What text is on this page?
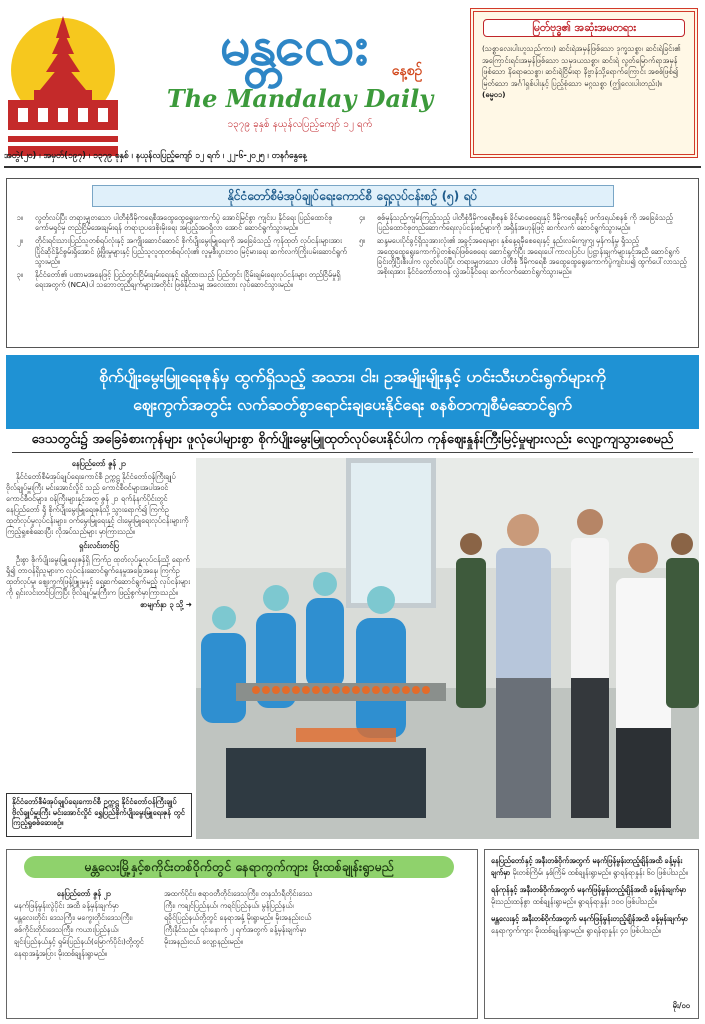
မန္တလေး	နေ့စဉ်
The Mandalay Daily
၁၃၇၉ ခုနှစ် နယုန်လပြည့်ကျော် ၁၂ ရက်
မြတ်ဗုဒ္ဓ၏ အဆုံးအမတရား
(သစ္စာလေးပါးဟူသည်ကား) ဆင်းရဲအမှန်ဖြစ်သော ဒုက္ခသစ္စာ၊ ဆင်းရဲခြင်း၏ အကြောင်းရင်းအမှန်ဖြစ်သော သမုဒယသစ္စာ၊ ဆင်းရဲ လွတ်မြောက်ရာအမှန်ဖြစ်သော နိရောဓသစ္စာ၊ ဆင်းရဲငြိမ်းရာ နိဗ္ဗာန်သို့ရောက်ကြောင်း အစစ်ဖြစ်၍ မြတ်သော အင်္ဂါရှစ်ပါးနှင့် ပြည့်စုံသော မဂ္ဂသစ္စာ (ဤလေးပါးတည်း)။ (ဓမ္မ၀၁)
အတွဲ(၂၀) ၊ အမှတ်(၁၉၇) ၊ ၁၃၇၉ ခုနှစ် ၊ နယုန်လပြည့်ကျော် ၁၂ ရက် ၊ ၂၂-၆-၂၀၂၅ ၊ တနင်္ဂနွေနေ့
နိုင်ငံတော်စီမံအုပ်ချုပ်ရေးကောင်စီ ရှေ့လုပ်ငန်းစဉ် (၅) ရပ်
၁။	လွတ်လပ်ပြီး တရားမျှတသော ပါတီစုံဒီမိုကရေစီအထွေထွေရွေးကောက်ပွဲ အောင်မြင်စွာ ကျင်းပ နိုင်ရေး ပြည်ထောင်စုကော်မရှင်မှ တည်ငြိမ်အေးချမ်းရန် တရားဥပဒေစိုးမိုးရေး အပြည့်အဝရှိလာ အောင် ဆောင်ရွက်သွားမည်။
၂။	တိုင်းရင်းသားပြည်သူတစ်ရပ်လုံးနှင့် အကျိုးဆောင်ဆောင် စိုက်ပျိုးမွေးမြူရေးကို အခြေခံသည့် ကုန်ထုတ် လုပ်ငန်းများအား ပြိုင်ဆိုင်နိုင်စွမ်းရှိအောင် ဖွံ့ဖြိုးမှုများနှင့် ပြည်သူလူထုတစ်ရပ်လုံး၏ လူမှုစီးပွားဘ၀ မြင့်မားရေး ဆက်လက်ကြိုးပမ်းဆောင်ရွက်သွားမည်။
၃။	နိုင်ငံတော်၏ ပဏာမအနေဖြင့် ပြည်တွင်းငြိမ်းချမ်းရေးနှင့် ရရှိထားသည့် ပြည်တွင်း ငြိမ်းချမ်းရေးလုပ်ငန်းများ တည်ငြိမ်မှုရှိရေးအတွက် (NCA)ပါ သဘောတူညီချက်များအတိုင်း ဖြစ်နိုင်သမျှ အလေးထား လုပ်ဆောင်သွားမည်။
၄။	စစ်မှန်သည်ကျမ်းကြည့်သည့် ပါတီစုံဒီမိုကရေစီစနစ် ခိုင်မာစေရေးနှင့် ဒီမိုကရေစီနှင့် ဖက်ဒရယ်စနစ် ကို အခြေခံသည့် ပြည်ထောင်စုတည်ဆောက်ရေးလုပ်ငန်းစဉ်များကို အရှိန်အဟုန်ဖြင့် ဆက်လက် ဆောင်ရွက်သွားမည်။
၅။	ဆန္ဒမပေးပိုင်ခွင့်ရှိသူအားလုံး၏ အခွင့်အရေးများ နှစ်နေ့ရမှီစေရေးနှင့် နည်းလမ်းကျကျ မှန်ကန်မှု ရှိသည့် အထွေထွေရွေးကောက်ပွဲတစ်ရပ်ဖြစ်စေရေး ဆောင်ရွက်ပြီး အရေးပေါ်ကာလပြင်ပ ပြဋ္ဌာန်းချက်များနှင့်အညီ ဆောင်ရွက်ခြင်းတို့ပြီးစီးပါက လွတ်လပ်ပြီး တရားမျှတသော ပါတီစုံ ဒီမိုကရေစီ အထွေထွေရွေးကောက်ပွဲကျင်းပ၍ ထွက်ပေါ်လာသည့်အစိုးရအား နိုင်ငံတော်တာဝန် လွှဲအပ်နိုင်ရေး ဆက်လက်ဆောင်ရွက်သွားမည်။
စိုက်ပျိုးမွေးမြူရေးဇုန်မှ ထွက်ရှိသည့် အသား၊ ငါး၊ ဥအမျိုးမျိုးနှင့် ဟင်းသီးဟင်းရွက်များကို
ဈေးကွက်အတွင်း လက်ဆတ်စွာရောင်းချပေးနိုင်ရေး စနစ်တကျစီမံဆောင်ရွက်
ဒေသတွင်း၌ အခြေခံစားကုန်များ ဖူလုံပေါများစွာ စိုက်ပျိုးမွေးမြူထုတ်လုပ်ပေးနိုင်ပါက ကုန်ဈေးနှုန်းကြီးမြင့်မှုများလည်း လျော့ကျသွားစေမည်

နေပြည်တော် ဇွန် ၂၁

နိုင်ငံတော်စီမံအုပ်ချုပ်ရေးကောင်စီ ဥက္ကဋ္ဌ နိုင်ငံတော်ဝန်ကြီးချုပ် ဗိုလ်ချုပ်မှူးကြီး မင်းအောင်လှိုင် သည် ကောင်စီဝင်များအပါအဝင် ကောင်စီဝင်များ၊ ဝန်ကြီးများနှင့်အတူ ဇွန် ၂၁ ရက်နံနက်ပိုင်းတွင် နေပြည်တော် ရှိ စိုက်ပျိုးမွေးမြူရေးဇုန်သို့ သွားရောက်၍ ကြက်ဥထုတ်လုပ်မှုလုပ်ငန်းများ၊ ဝက်မွေးမြူရေးနှင့် ငါးမွေးမြူရေးလုပ်ငန်းများကို ကြည့်ရှုစစ်ဆေးပြီး လိုအပ်သည်များ မှာကြားသည်။

ရှင်းလင်းတင်ပြ

ဦးစွာ စိုက်ပျိုးမွေးမြူရေးဇုန်ရှိ ကြက်ဥ ထုတ်လုပ်မှုလုပ်ငန်းသို့ ရောက်ရှိ၍ တာဝန်ရှိသူများက လုပ်ငန်းဆောင်ရွက်နေမှုအခြေအနေ၊ ကြက်ဥထုတ်လုပ်မှု၊ ဈေးကွက်ဖြန့်ဖြူးမှုနှင့် ရှေ့ဆက်ဆောင်ရွက်မည့် လုပ်ငန်းများကို ရှင်းလင်းတင်ပြကြပြီး ဗိုလ်ချုပ်မှူးကြီးက ဖြည့်စွက်မှာကြားသည်။

စာမျက်နှာ ၃ သို့ ➜
နိုင်ငံတော်စီမံအုပ်ချုပ်ရေးကောင်စီ ဥက္ကဋ္ဌ နိုင်ငံတော်ဝန်ကြီးချုပ် ဗိုလ်ချုပ်မှူးကြီး မင်းအောင်လှိုင် ရွှေပြည်စိုက်ပျိုးမွေးမြူရေးဇုန် တွင် ကြည့်ရှုစစ်ဆေးစဉ်။
မန္တလေးမြို့နှင့်စကိုင်းတစ်ဝိုက်တွင် နေရာကွက်ကျား မိုးထစ်ချုန်းရွာမည်
နေပြည်တော် ဇွန် ၂၁
မနက်ဖြန်မွန်းလွဲပိုင်း အထိ ခန့်မှန်းချက်မှာ မန္တလေးတိုင်း ဒေသကြီး၊ မကွေးတိုင်းဒေသကြီး၊ စစ်ကိုင်းတိုင်းဒေသကြီး၊ ကယားပြည်နယ်၊ ချင်းပြည်နယ်နှင့် ရှမ်းပြည်နယ်(မြောက်ပိုင်း)တို့တွင် နေရာအနှံ့အပြား မိုးထစ်ချုန်းရွာမည်။
အထက်ပိုင်း၊ ဧရာဝတီတိုင်းဒေသကြီး၊ တနင်္သာရီတိုင်းဒေသကြီး၊ ကချင်ပြည်နယ်၊ ကရင်ပြည်နယ်၊ မွန်ပြည်နယ်၊ ရခိုင်ပြည်နယ်တို့တွင် နေရာအနှံ့ မိုးရွာမည်။ မိုးအနည်းငယ်ကြီးနိုင်သည်။ ၎င်းနောက် ၂ ရက်အတွက် ခန့်မှန်းချက်မှာ မိုးအနည်းငယ် လျော့နည်းမည်။
နေပြည်တော်နှင့် အနီးတစ်ဝိုက်အတွက် မနက်ဖြန်မွန်းတည့်ချိန်အထိ ခန့်မှန်းချက်မှာ မိုးတစ်ကြိမ်၊ နှစ်ကြိမ် ထစ်ချုန်းရွာမည်။ ရွာရန်ရာနှုန်း ၆၀ ဖြစ်ပါသည်။
ရန်ကုန်နှင့် အနီးတစ်ဝိုက်အတွက် မနက်ဖြန်မွန်းတည့်ချိန်အထိ ခန့်မှန်းချက်မှာ မိုးသည်းထန်စွာ ထစ်ချုန်းရွာမည်။ ရွာရန်ရာနှုန်း ၁၀၀ ဖြစ်ပါသည်။
မန္တလေးနှင့် အနီးတစ်ဝိုက်အတွက် မနက်ဖြန်မွန်းတည့်ချိန်အထိ ခန့်မှန်းချက်မှာ နေရာကွက်ကျား မိုးထစ်ချုန်းရွာမည်။ ရွာရန်ရာနှုန်း ၄၀ ဖြစ်ပါသည်။
မိုး/၀၀
